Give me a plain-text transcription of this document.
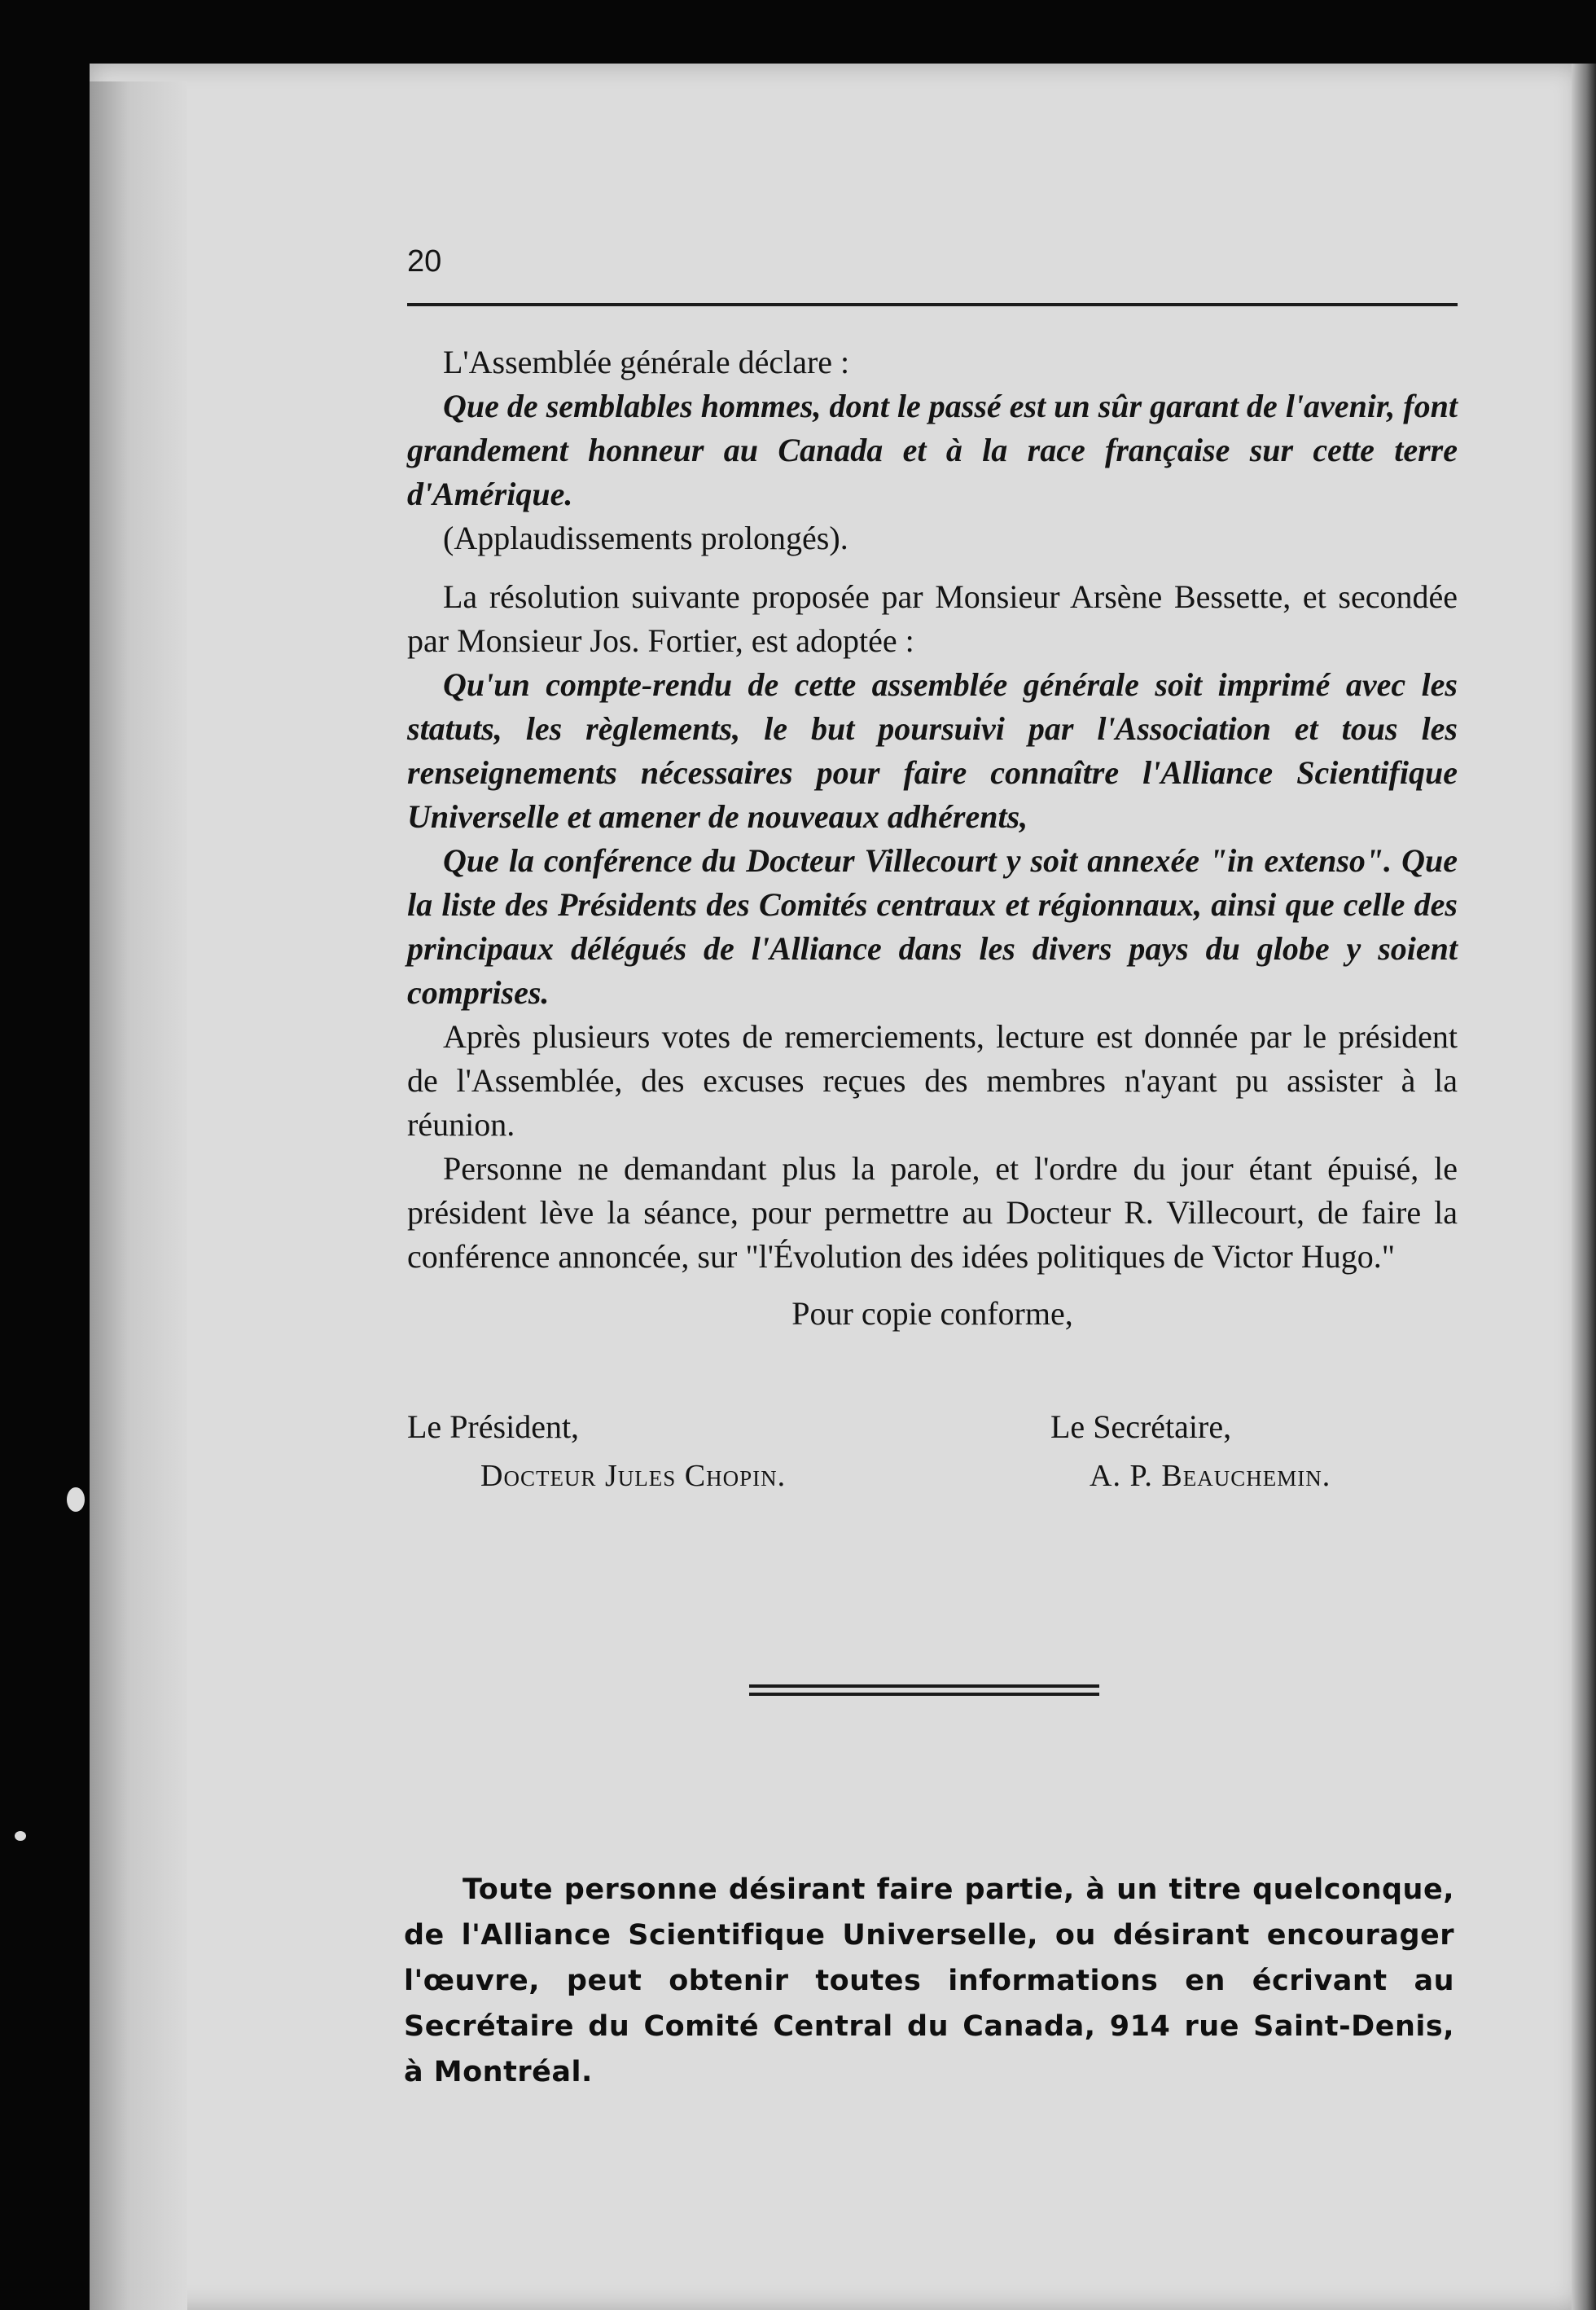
20

L'Assemblée générale déclare :

Que de semblables hommes, dont le passé est un sûr garant de l'avenir, font grandement honneur au Canada et à la race française sur cette terre d'Amérique.

(Applaudissements prolongés).

La résolution suivante proposée par Monsieur Arsène Bessette, et secondée par Monsieur Jos. Fortier, est adoptée :

Qu'un compte-rendu de cette assemblée générale soit imprimé avec les statuts, les règlements, le but poursuivi par l'Association et tous les renseignements nécessaires pour faire connaître l'Alliance Scientifique Universelle et amener de nouveaux adhérents,

Que la conférence du Docteur Villecourt y soit annexée "in extenso". Que la liste des Présidents des Comités centraux et régionnaux, ainsi que celle des principaux délégués de l'Alliance dans les divers pays du globe y soient comprises.

Après plusieurs votes de remerciements, lecture est donnée par le président de l'Assemblée, des excuses reçues des membres n'ayant pu assister à la réunion.

Personne ne demandant plus la parole, et l'ordre du jour étant épuisé, le président lève la séance, pour permettre au Docteur R. Villecourt, de faire la conférence annoncée, sur "l'Évolution des idées politiques de Victor Hugo."

Pour copie conforme,

Le Président,	Le Secrétaire,
Docteur Jules Chopin.	A. P. Beauchemin.
Toute personne désirant faire partie, à un titre quelconque, de l'Alliance Scientifique Universelle, ou désirant encourager l'œuvre, peut obtenir toutes informations en écrivant au Secrétaire du Comité Central du Canada, 914 rue Saint-Denis, à Montréal.
